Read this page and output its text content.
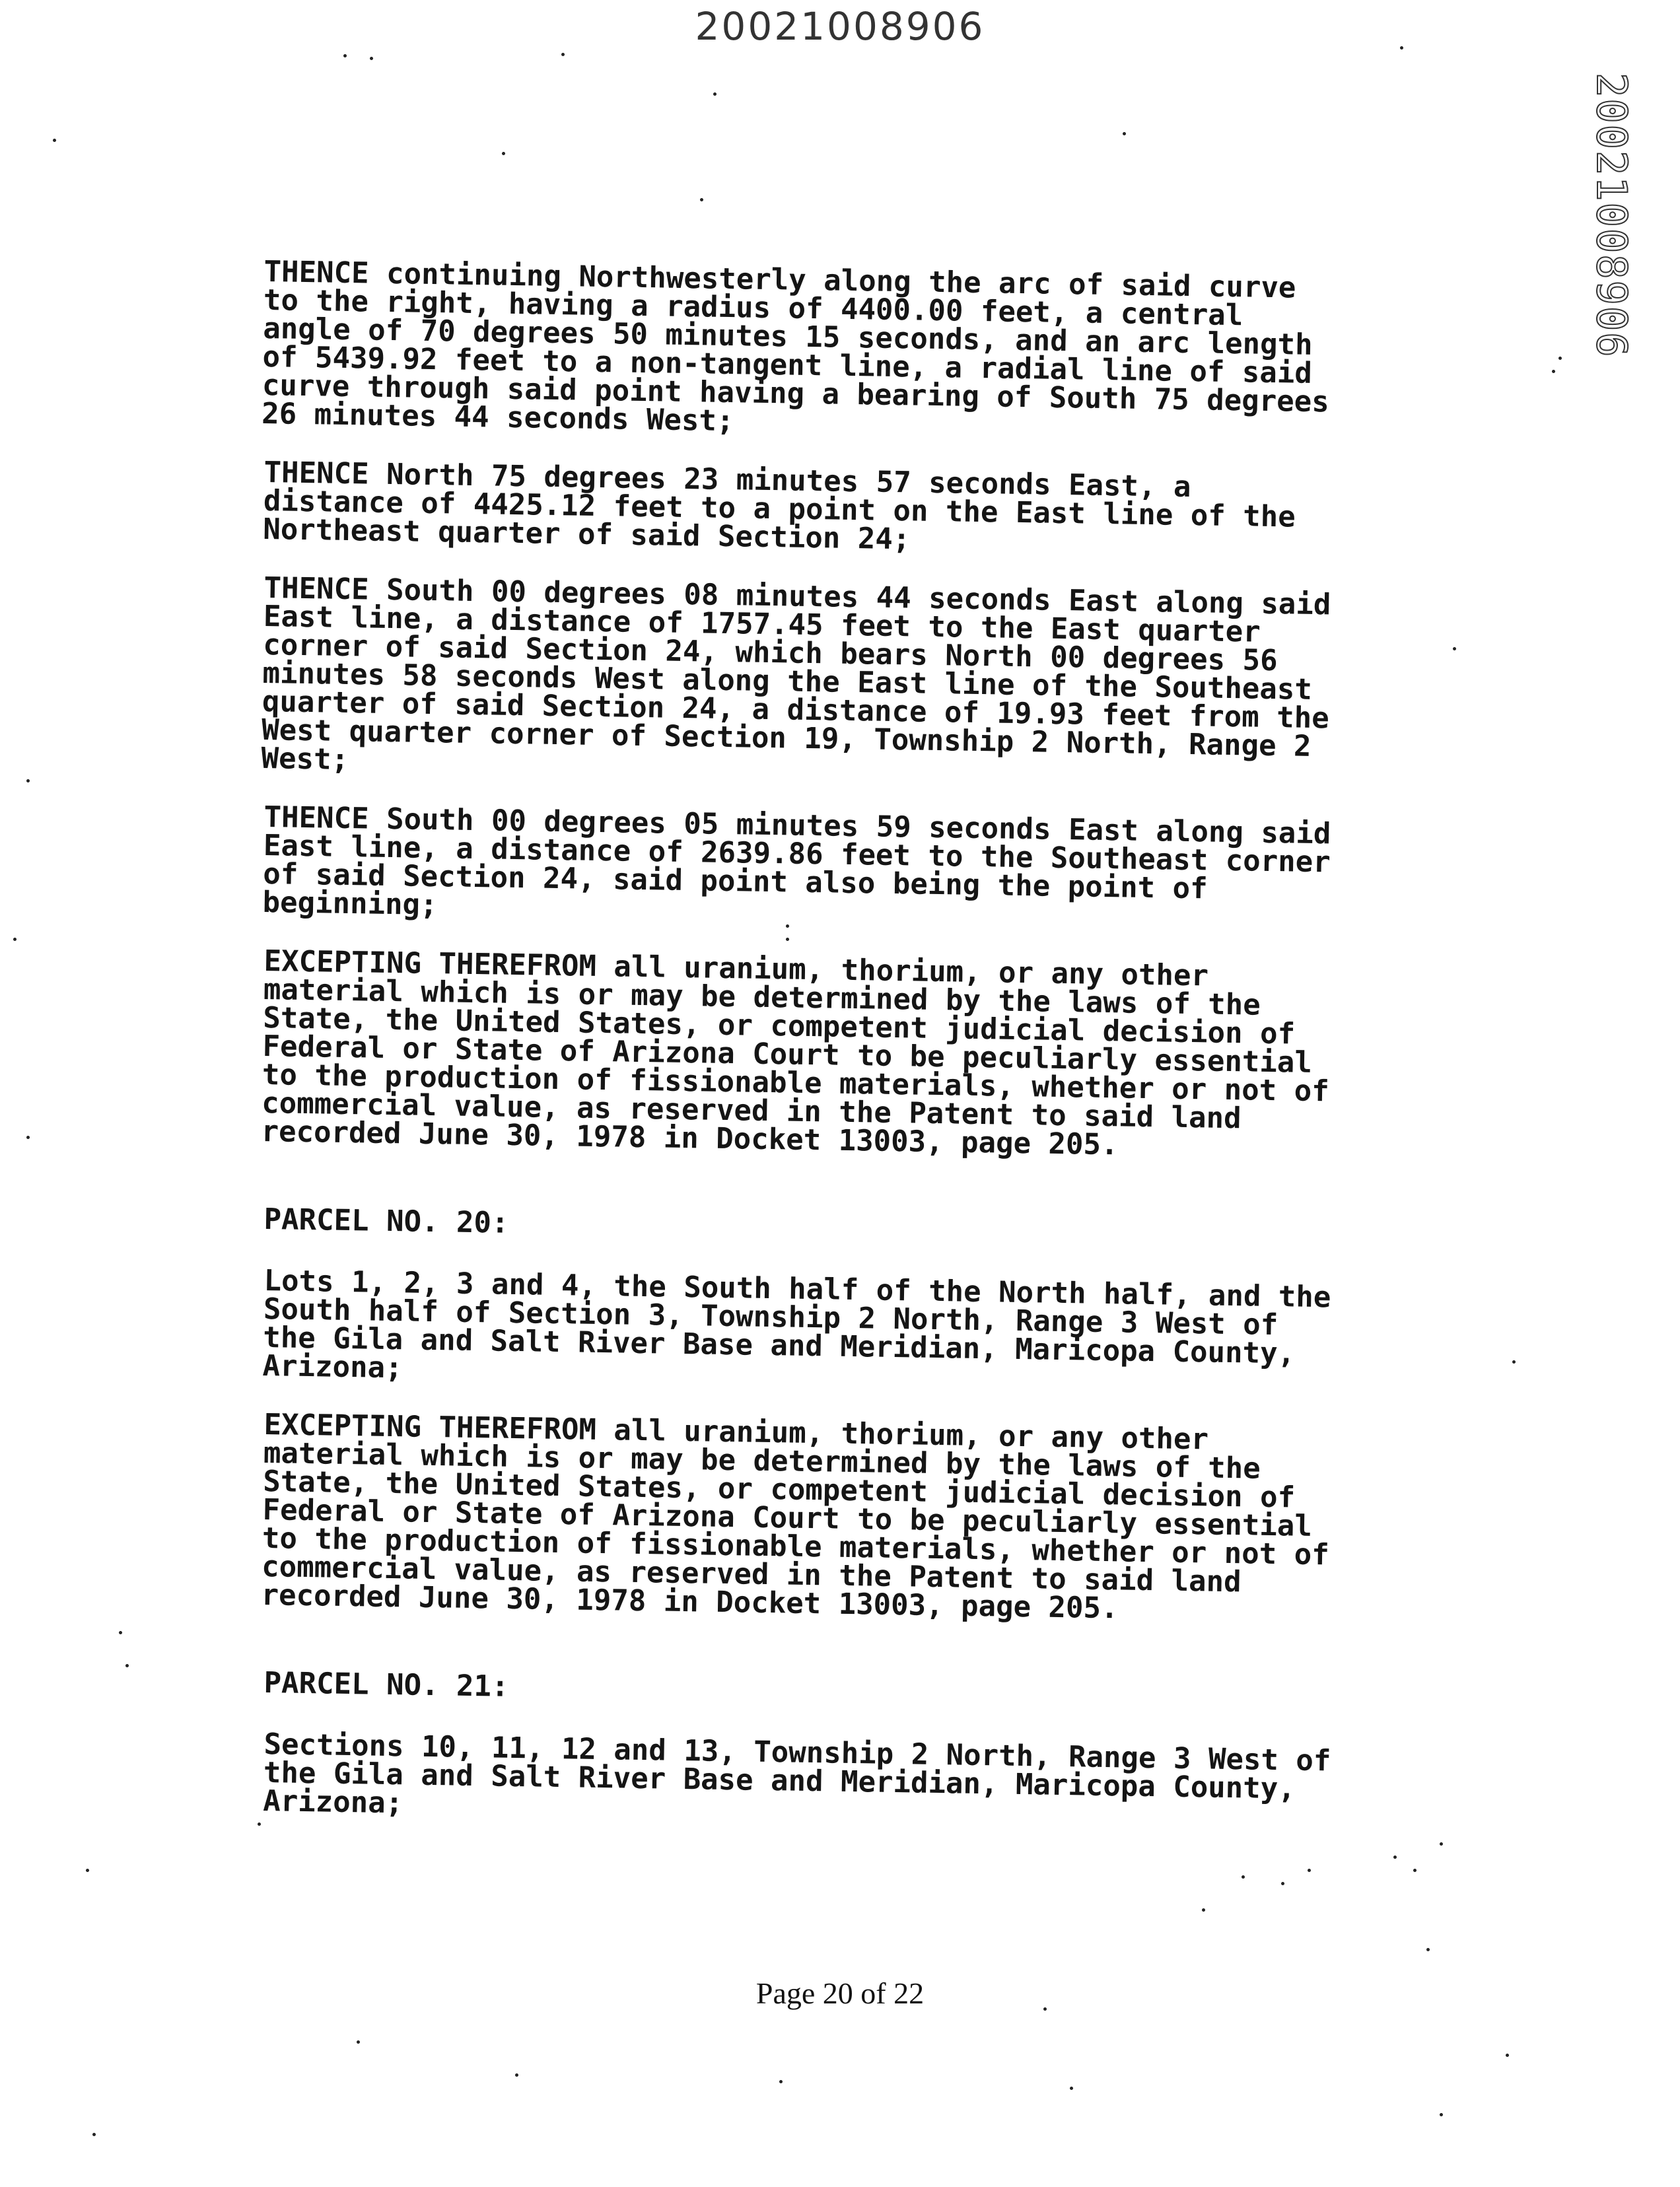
20021008906
20021008906

THENCE continuing Northwesterly along the arc of said curve
to the right, having a radius of 4400.00 feet, a central
angle of 70 degrees 50 minutes 15 seconds, and an arc length
of 5439.92 feet to a non-tangent line, a radial line of said
curve through said point having a bearing of South 75 degrees
26 minutes 44 seconds West;

THENCE North 75 degrees 23 minutes 57 seconds East, a
distance of 4425.12 feet to a point on the East line of the
Northeast quarter of said Section 24;

THENCE South 00 degrees 08 minutes 44 seconds East along said
East line, a distance of 1757.45 feet to the East quarter
corner of said Section 24, which bears North 00 degrees 56
minutes 58 seconds West along the East line of the Southeast
quarter of said Section 24, a distance of 19.93 feet from the
West quarter corner of Section 19, Township 2 North, Range 2
West;

THENCE South 00 degrees 05 minutes 59 seconds East along said
East line, a distance of 2639.86 feet to the Southeast corner
of said Section 24, said point also being the point of
beginning;

EXCEPTING THEREFROM all uranium, thorium, or any other
material which is or may be determined by the laws of the
State, the United States, or competent judicial decision of
Federal or State of Arizona Court to be peculiarly essential
to the production of fissionable materials, whether or not of
commercial value, as reserved in the Patent to said land
recorded June 30, 1978 in Docket 13003, page 205.

PARCEL NO. 20:

Lots 1, 2, 3 and 4, the South half of the North half, and the
South half of Section 3, Township 2 North, Range 3 West of
the Gila and Salt River Base and Meridian, Maricopa County,
Arizona;

EXCEPTING THEREFROM all uranium, thorium, or any other
material which is or may be determined by the laws of the
State, the United States, or competent judicial decision of
Federal or State of Arizona Court to be peculiarly essential
to the production of fissionable materials, whether or not of
commercial value, as reserved in the Patent to said land
recorded June 30, 1978 in Docket 13003, page 205.

PARCEL NO. 21:

Sections 10, 11, 12 and 13, Township 2 North, Range 3 West of
the Gila and Salt River Base and Meridian, Maricopa County,
Arizona;

Page 20 of 22
